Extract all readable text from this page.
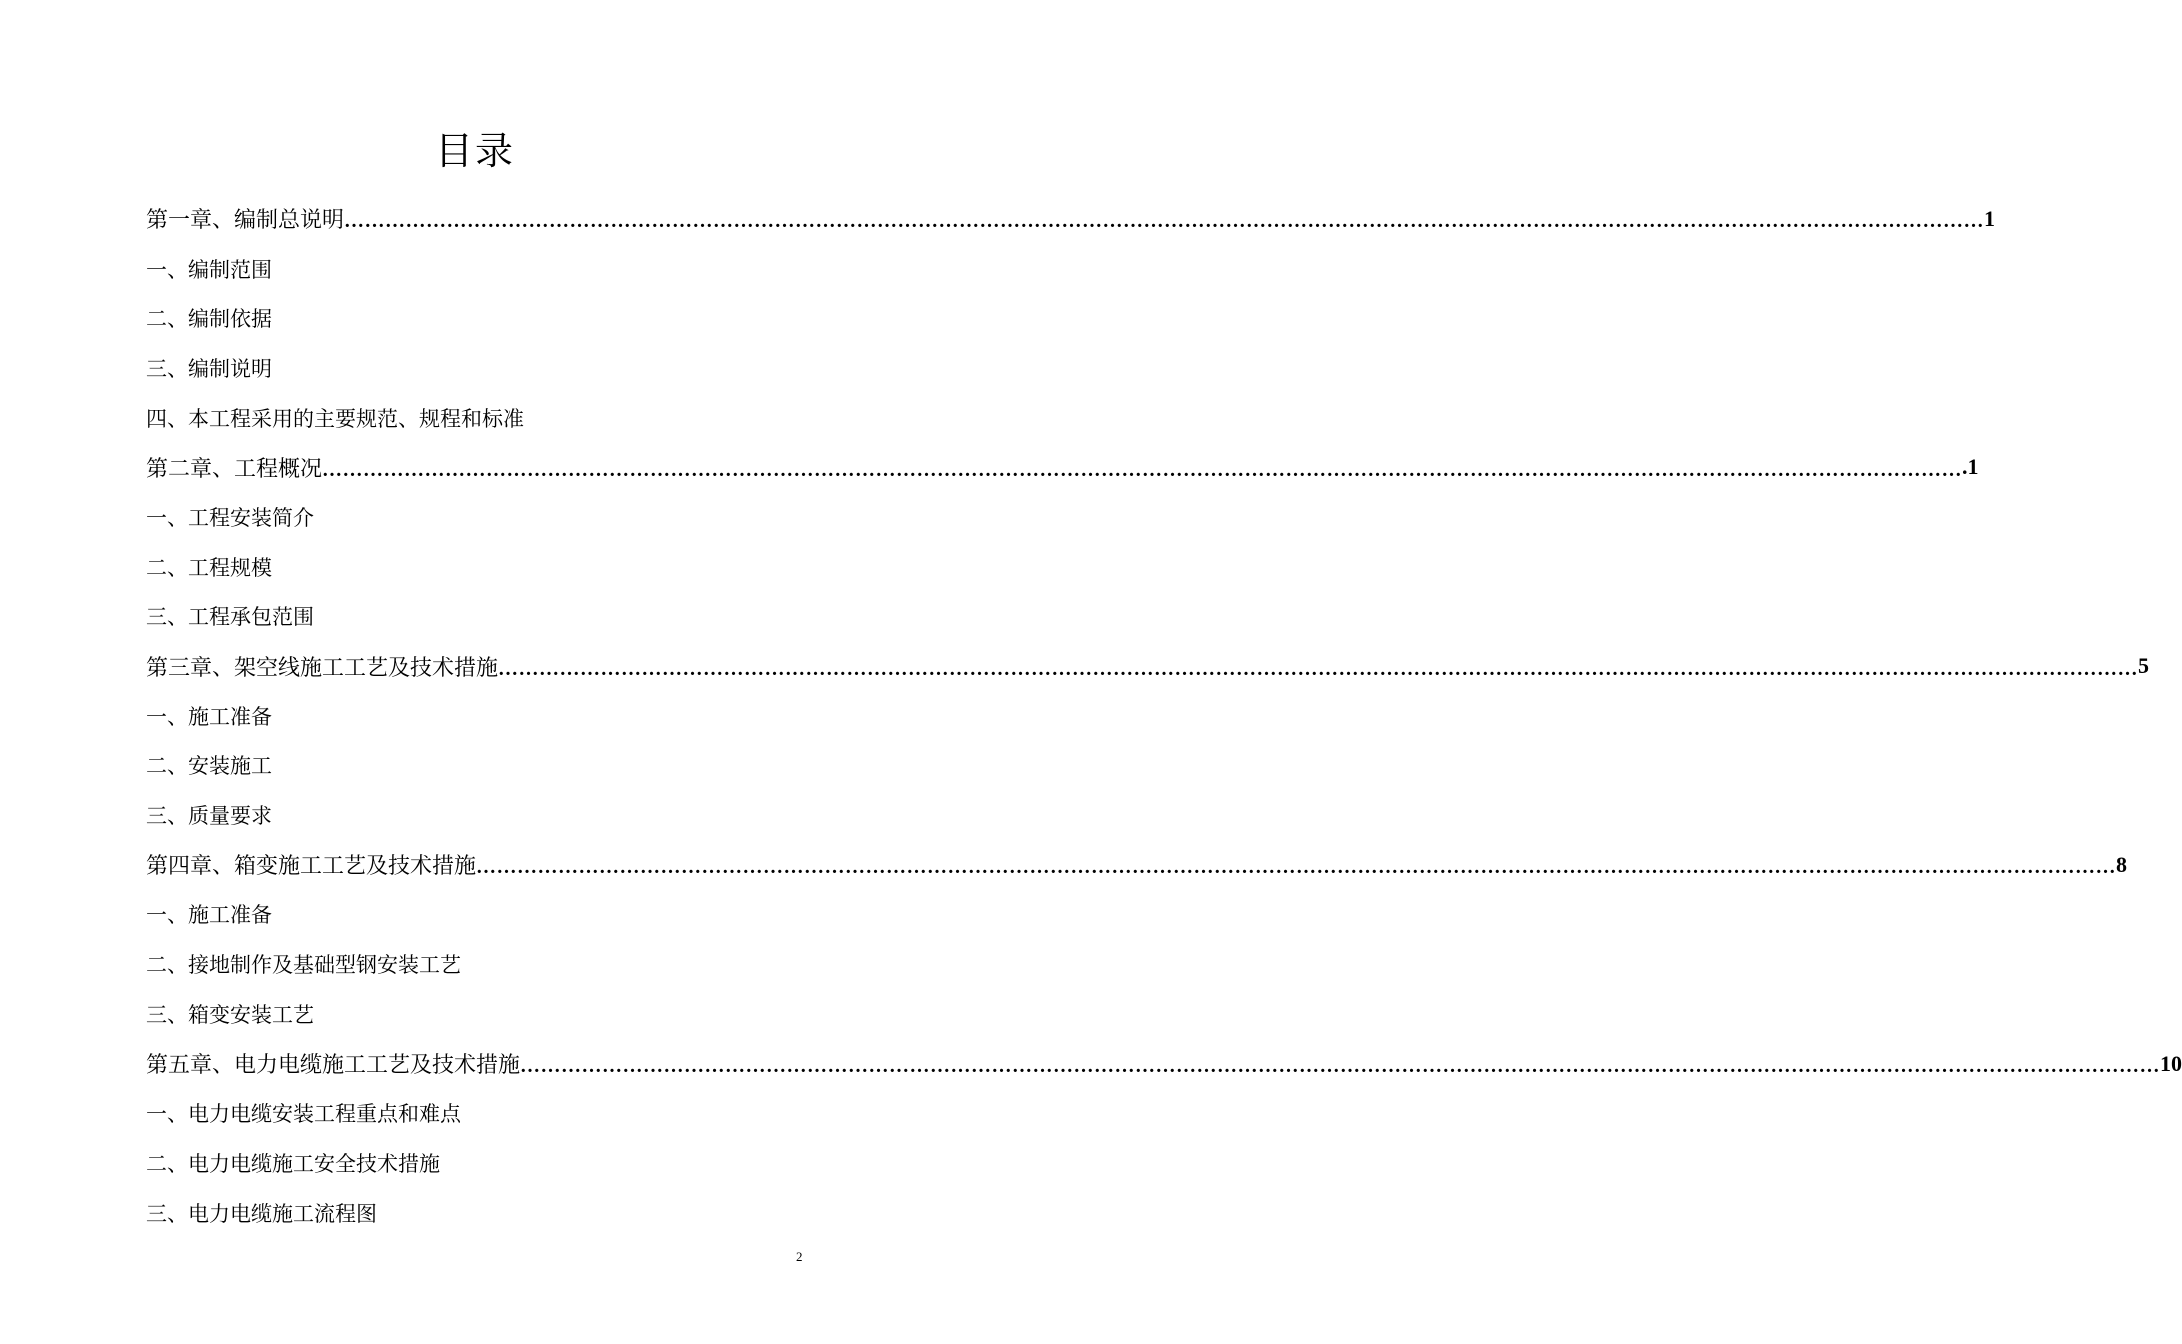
目录
第一章、编制总说明 …………………………………………………………………………………………………………………………………………………………………………………………………………………… 1
一、编制范围
二、编制依据
三、编制说明
四、本工程采用的主要规范、规程和标准
第二章、工程概况 …………………………………………………………………………………………………………………………………………………………………………………………………………………… .1
一、工程安装简介
二、工程规模
三、工程承包范围
第三章、架空线施工工艺及技术措施 …………………………………………………………………………………………………………………………………………………………………………………………………………………… 5
一、施工准备
二、安装施工
三、质量要求
第四章、箱变施工工艺及技术措施 …………………………………………………………………………………………………………………………………………………………………………………………………………………… 8
一、施工准备
二、接地制作及基础型钢安装工艺
三、箱变安装工艺
第五章、电力电缆施工工艺及技术措施 …………………………………………………………………………………………………………………………………………………………………………………………………………………… 10
一、电力电缆安装工程重点和难点
二、电力电缆施工安全技术措施
三、电力电缆施工流程图
2
